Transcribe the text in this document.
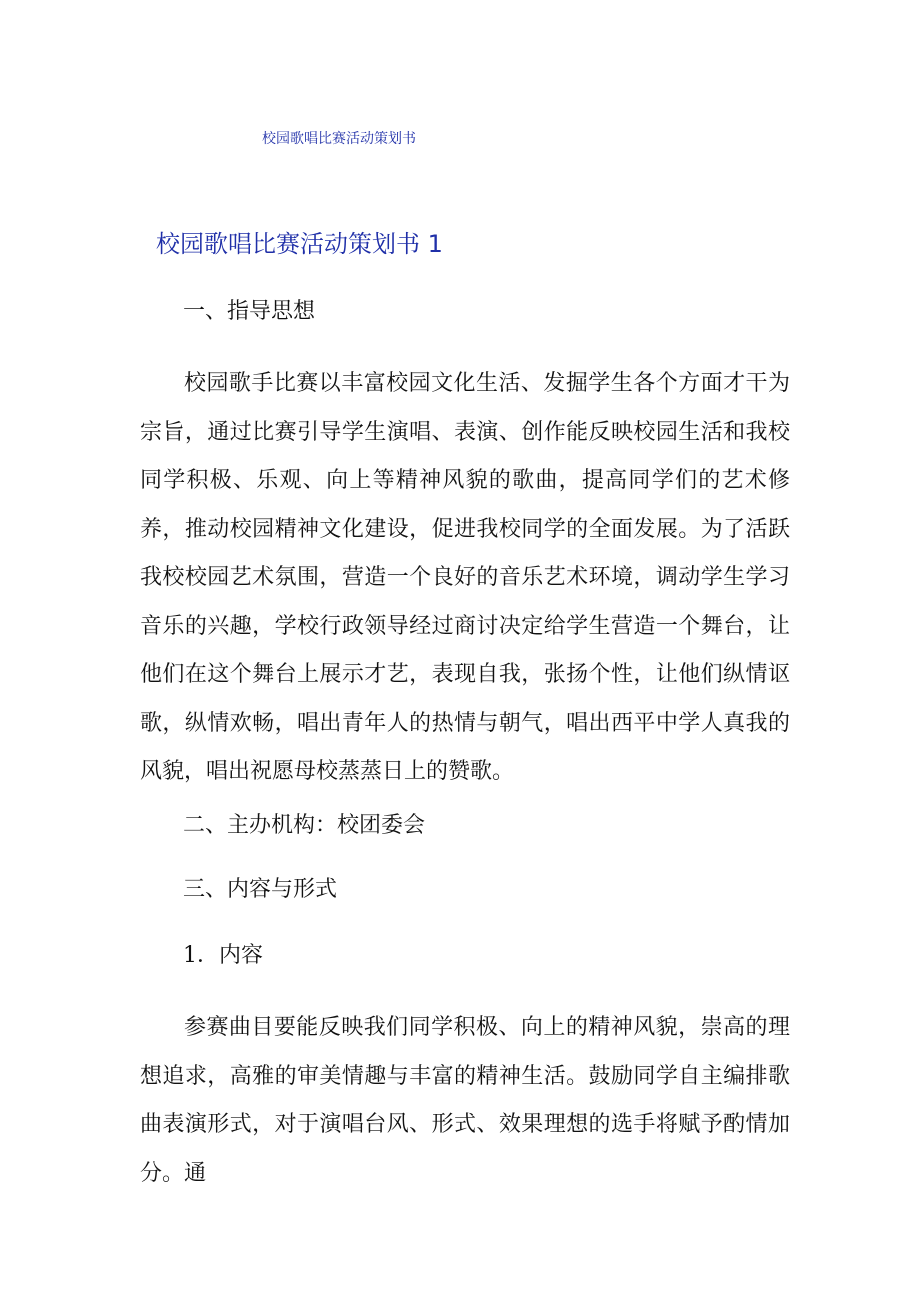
校园歌唱比赛活动策划书
校园歌唱比赛活动策划书 1
一、指导思想

校园歌手比赛以丰富校园文化生活、发掘学生各个方面才干为宗旨，通过比赛引导学生演唱、表演、创作能反映校园生活和我校同学积极、乐观、向上等精神风貌的歌曲，提高同学们的艺术修养，推动校园精神文化建设，促进我校同学的全面发展。为了活跃我校校园艺术氛围，营造一个良好的音乐艺术环境，调动学生学习音乐的兴趣，学校行政领导经过商讨决定给学生营造一个舞台，让他们在这个舞台上展示才艺，表现自我，张扬个性，让他们纵情讴歌，纵情欢畅，唱出青年人的热情与朝气，唱出西平中学人真我的风貌，唱出祝愿母校蒸蒸日上的赞歌。

二、主办机构：校团委会
三、内容与形式
1．内容

参赛曲目要能反映我们同学积极、向上的精神风貌，崇高的理想追求，高雅的审美情趣与丰富的精神生活。鼓励同学自主编排歌曲表演形式，对于演唱台风、形式、效果理想的选手将赋予酌情加分。通
